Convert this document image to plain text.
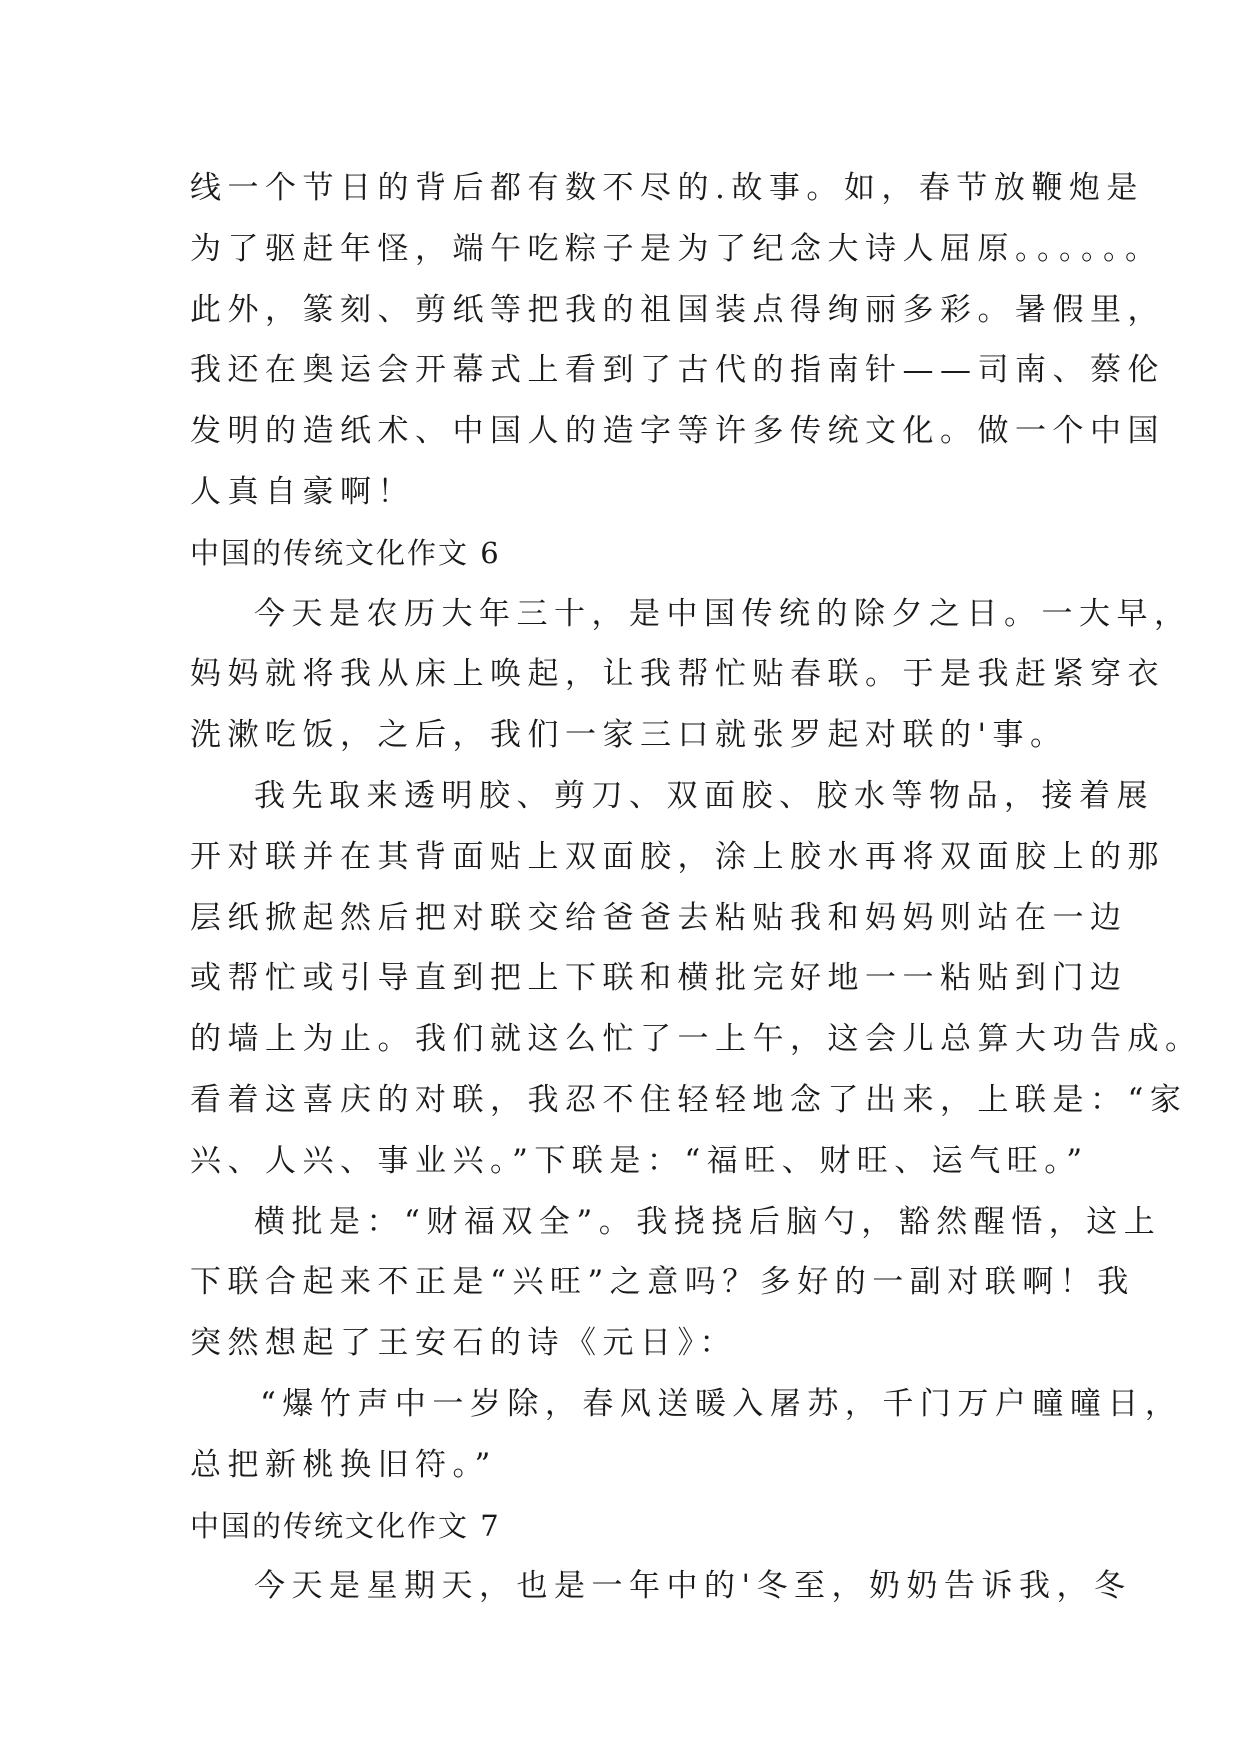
线一个节日的背后都有数不尽的.故事。如，春节放鞭炮是
为了驱赶年怪，端午吃粽子是为了纪念大诗人屈原。。。。。。
此外，篆刻、剪纸等把我的祖国装点得绚丽多彩。暑假里，
我还在奥运会开幕式上看到了古代的指南针——司南、蔡伦
发明的造纸术、中国人的造字等许多传统文化。做一个中国
人真自豪啊！
中国的传统文化作文 6
今天是农历大年三十，是中国传统的除夕之日。一大早，
妈妈就将我从床上唤起，让我帮忙贴春联。于是我赶紧穿衣
洗漱吃饭，之后，我们一家三口就张罗起对联的'事。
我先取来透明胶、剪刀、双面胶、胶水等物品，接着展
开对联并在其背面贴上双面胶，涂上胶水再将双面胶上的那
层纸掀起然后把对联交给爸爸去粘贴我和妈妈则站在一边
或帮忙或引导直到把上下联和横批完好地一一粘贴到门边
的墙上为止。我们就这么忙了一上午，这会儿总算大功告成。
看着这喜庆的对联，我忍不住轻轻地念了出来，上联是：“家
兴、人兴、事业兴。”下联是：“福旺、财旺、运气旺。”
横批是：“财福双全”。我挠挠后脑勺，豁然醒悟，这上
下联合起来不正是“兴旺”之意吗？多好的一副对联啊！我
突然想起了王安石的诗《元日》：
“爆竹声中一岁除，春风送暖入屠苏，千门万户曈曈日，
总把新桃换旧符。”
中国的传统文化作文 7
今天是星期天，也是一年中的'冬至，奶奶告诉我，冬
